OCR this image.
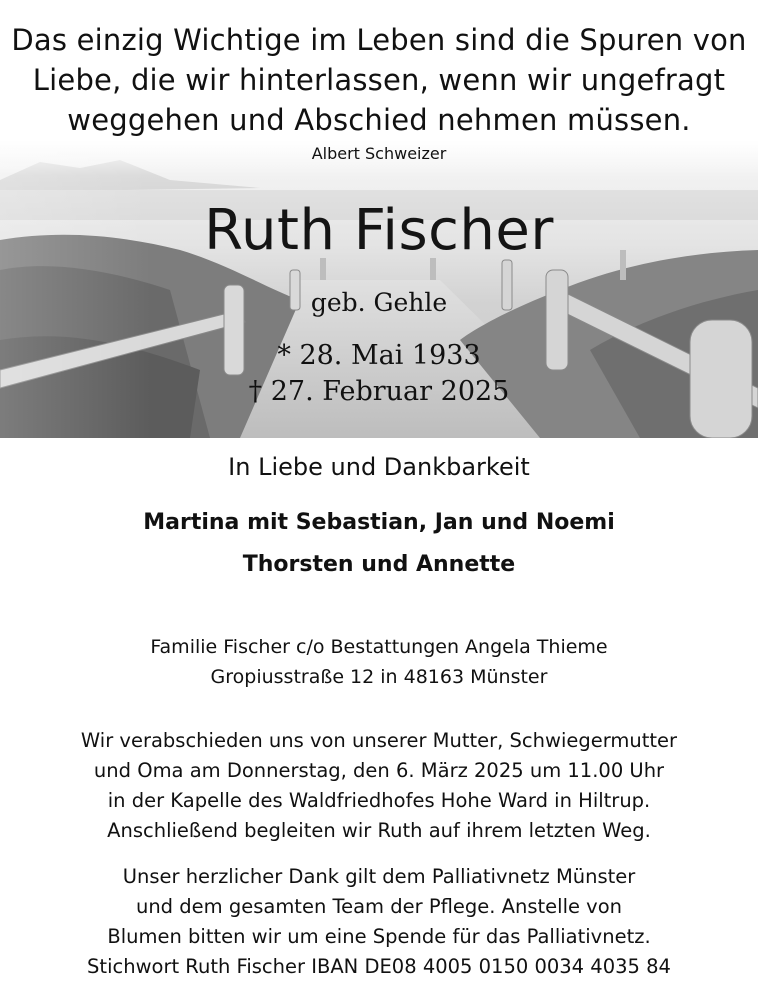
Das einzig Wichtige im Leben sind die Spuren von
Liebe, die wir hinterlassen, wenn wir ungefragt
weggehen und Abschied nehmen müssen.
Albert Schweizer
Ruth Fischer
geb. Gehle
* 28. Mai 1933
† 27. Februar 2025
In Liebe und Dankbarkeit
Martina mit Sebastian, Jan und Noemi
Thorsten und Annette
Familie Fischer c/o Bestattungen Angela Thieme
Gropiusstraße 12 in 48163 Münster
Wir verabschieden uns von unserer Mutter, Schwiegermutter
und Oma am Donnerstag, den 6. März 2025 um 11.00 Uhr
in der Kapelle des Waldfriedhofes Hohe Ward in Hiltrup.
Anschließend begleiten wir Ruth auf ihrem letzten Weg.
Unser herzlicher Dank gilt dem Palliativnetz Münster
und dem gesamten Team der Pflege. Anstelle von
Blumen bitten wir um eine Spende für das Palliativnetz.
Stichwort Ruth Fischer IBAN DE08 4005 0150 0034 4035 84
